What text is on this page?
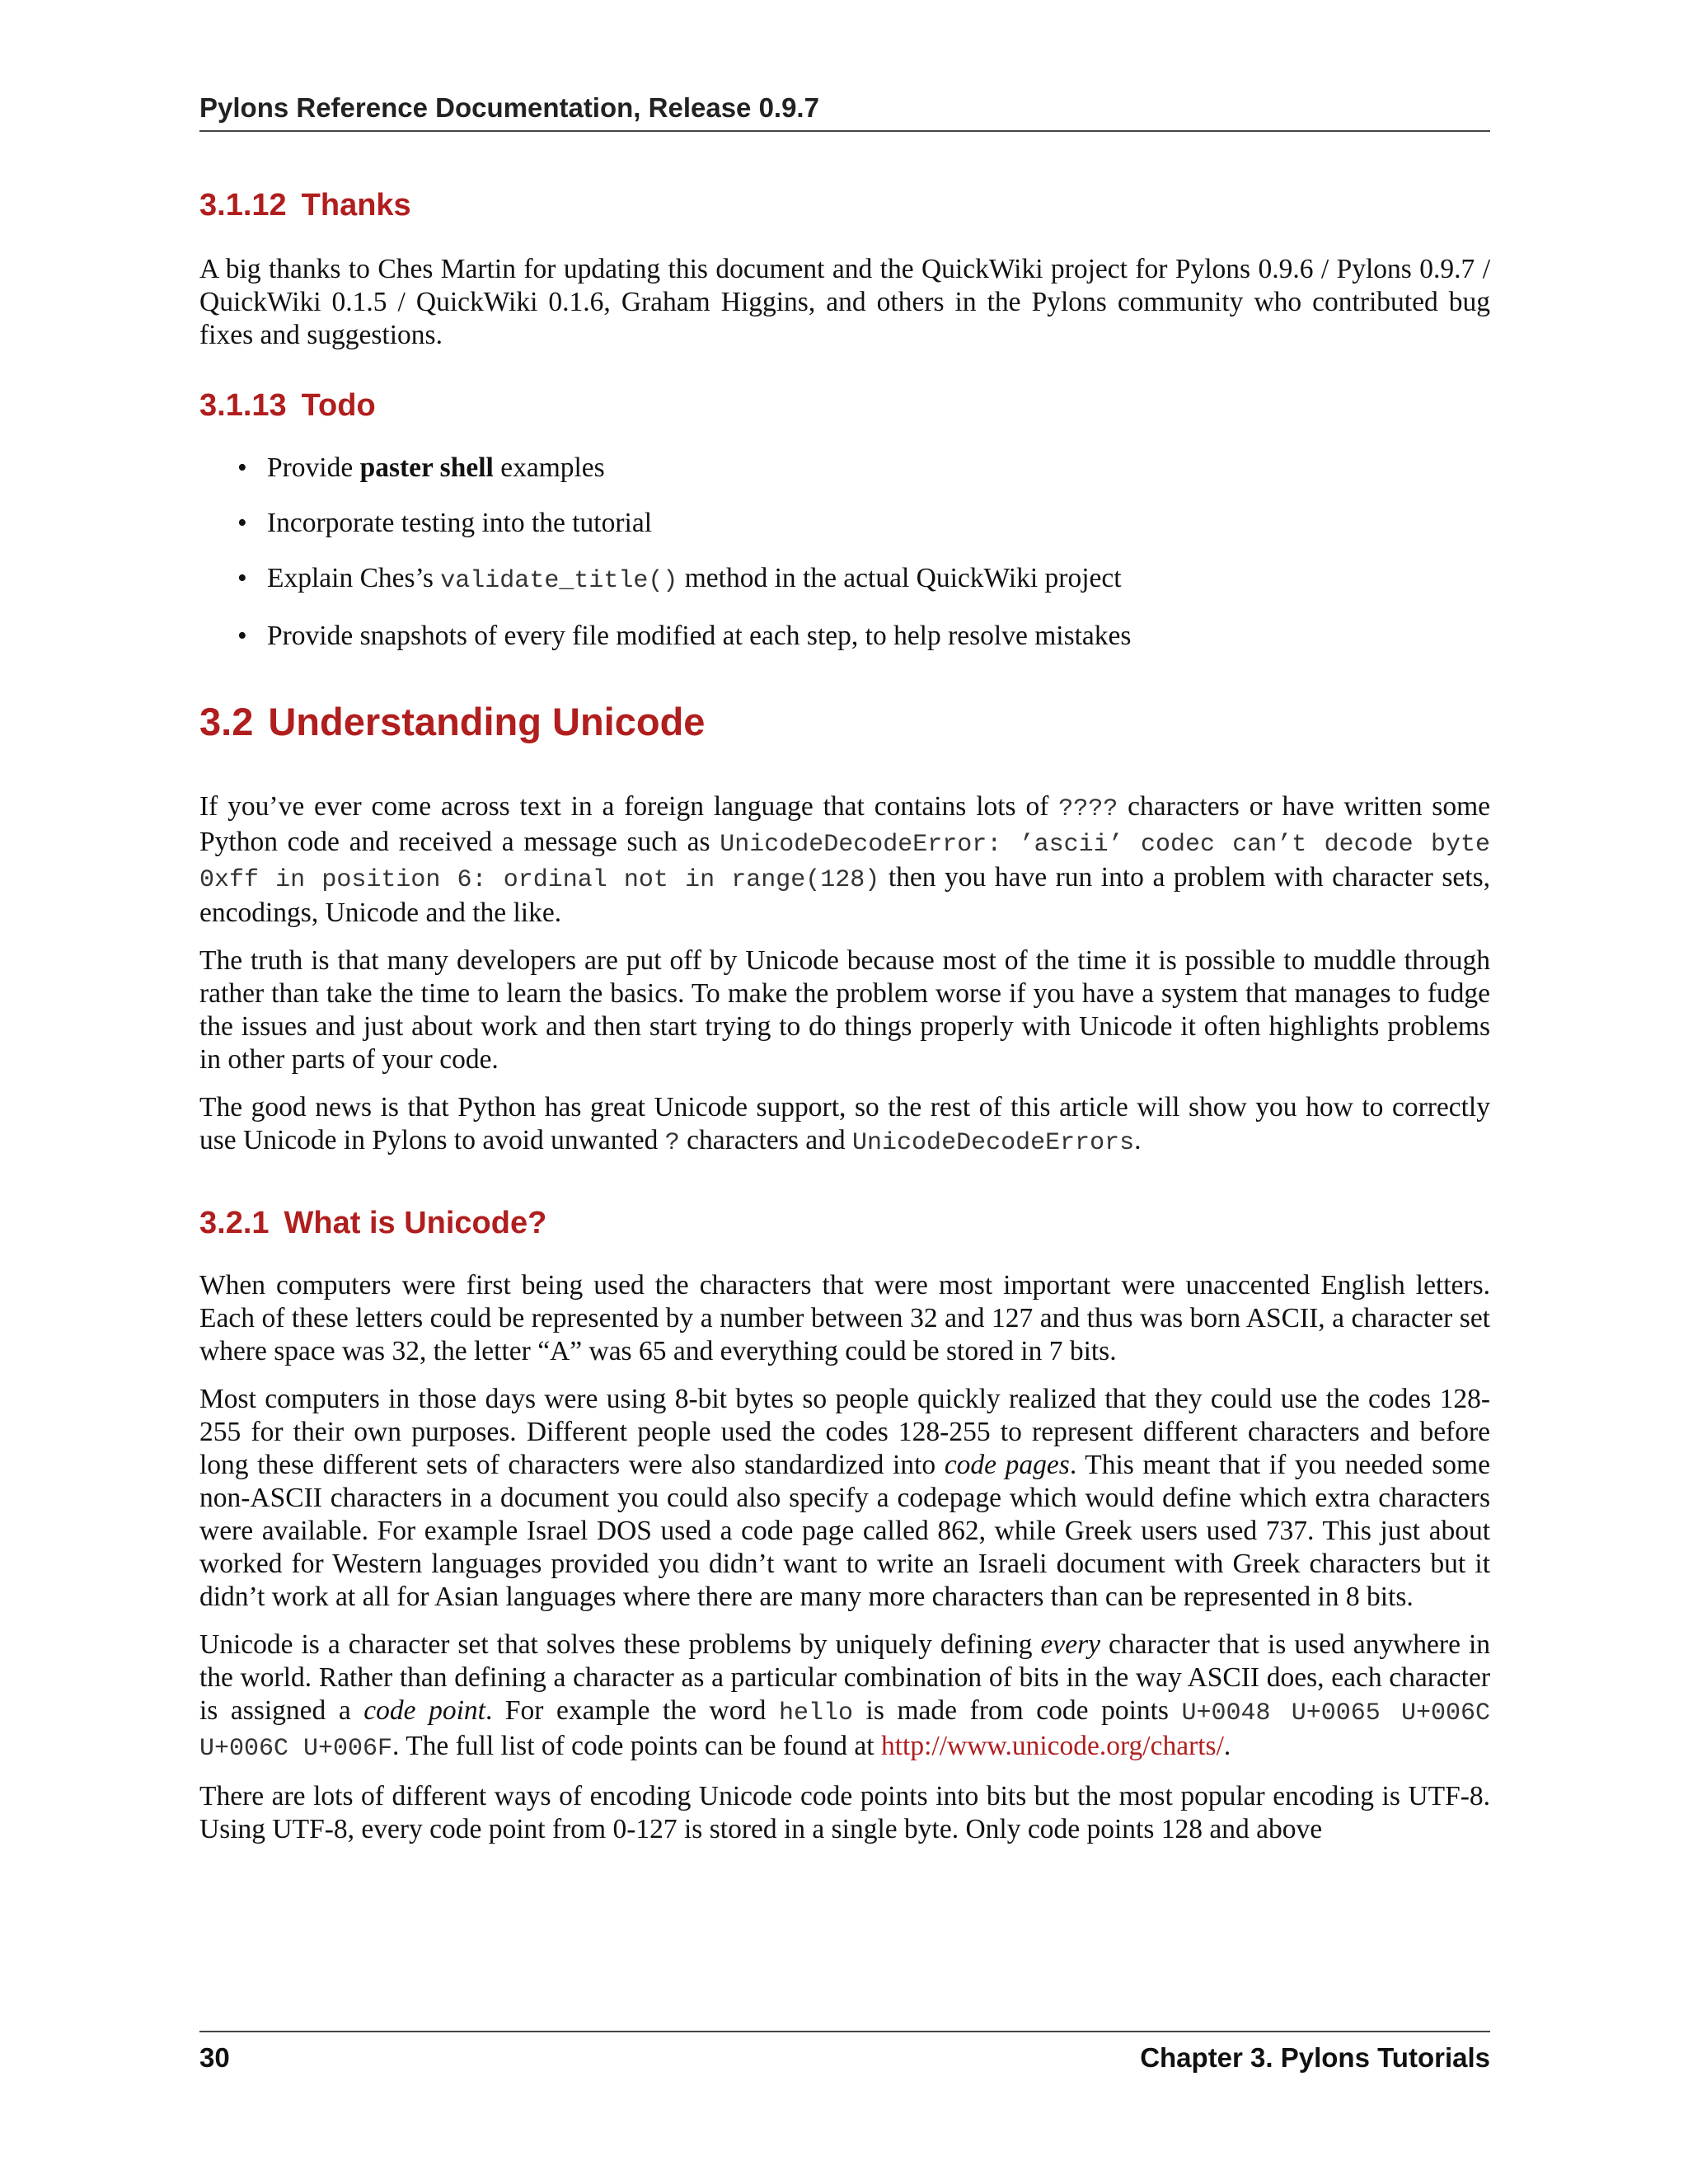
Pylons Reference Documentation, Release 0.9.7
3.1.12 Thanks

A big thanks to Ches Martin for updating this document and the QuickWiki project for Pylons 0.9.6 / Pylons 0.9.7 / QuickWiki 0.1.5 / QuickWiki 0.1.6, Graham Higgins, and others in the Pylons community who contributed bug fixes and suggestions.

3.1.13 Todo
• Provide paster shell examples
• Incorporate testing into the tutorial
• Explain Ches’s validate_title() method in the actual QuickWiki project
• Provide snapshots of every file modified at each step, to help resolve mistakes
3.2 Understanding Unicode

If you’ve ever come across text in a foreign language that contains lots of ???? characters or have written some Python code and received a message such as UnicodeDecodeError: ’ascii’ codec can’t decode byte 0xff in position 6: ordinal not in range(128) then you have run into a problem with character sets, encodings, Unicode and the like.

The truth is that many developers are put off by Unicode because most of the time it is possible to muddle through rather than take the time to learn the basics. To make the problem worse if you have a system that manages to fudge the issues and just about work and then start trying to do things properly with Unicode it often highlights problems in other parts of your code.

The good news is that Python has great Unicode support, so the rest of this article will show you how to correctly use Unicode in Pylons to avoid unwanted ? characters and UnicodeDecodeErrors.

3.2.1 What is Unicode?

When computers were first being used the characters that were most important were unaccented English letters. Each of these letters could be represented by a number between 32 and 127 and thus was born ASCII, a character set where space was 32, the letter “A” was 65 and everything could be stored in 7 bits.

Most computers in those days were using 8-bit bytes so people quickly realized that they could use the codes 128-255 for their own purposes. Different people used the codes 128-255 to represent different characters and before long these different sets of characters were also standardized into code pages. This meant that if you needed some non-ASCII characters in a document you could also specify a codepage which would define which extra characters were available. For example Israel DOS used a code page called 862, while Greek users used 737. This just about worked for Western languages provided you didn’t want to write an Israeli document with Greek characters but it didn’t work at all for Asian languages where there are many more characters than can be represented in 8 bits.

Unicode is a character set that solves these problems by uniquely defining every character that is used anywhere in the world. Rather than defining a character as a particular combination of bits in the way ASCII does, each character is assigned a code point. For example the word hello is made from code points U+0048 U+0065 U+006C U+006C U+006F. The full list of code points can be found at http://www.unicode.org/charts/.

There are lots of different ways of encoding Unicode code points into bits but the most popular encoding is UTF-8. Using UTF-8, every code point from 0-127 is stored in a single byte. Only code points 128 and above

30	Chapter 3. Pylons Tutorials
